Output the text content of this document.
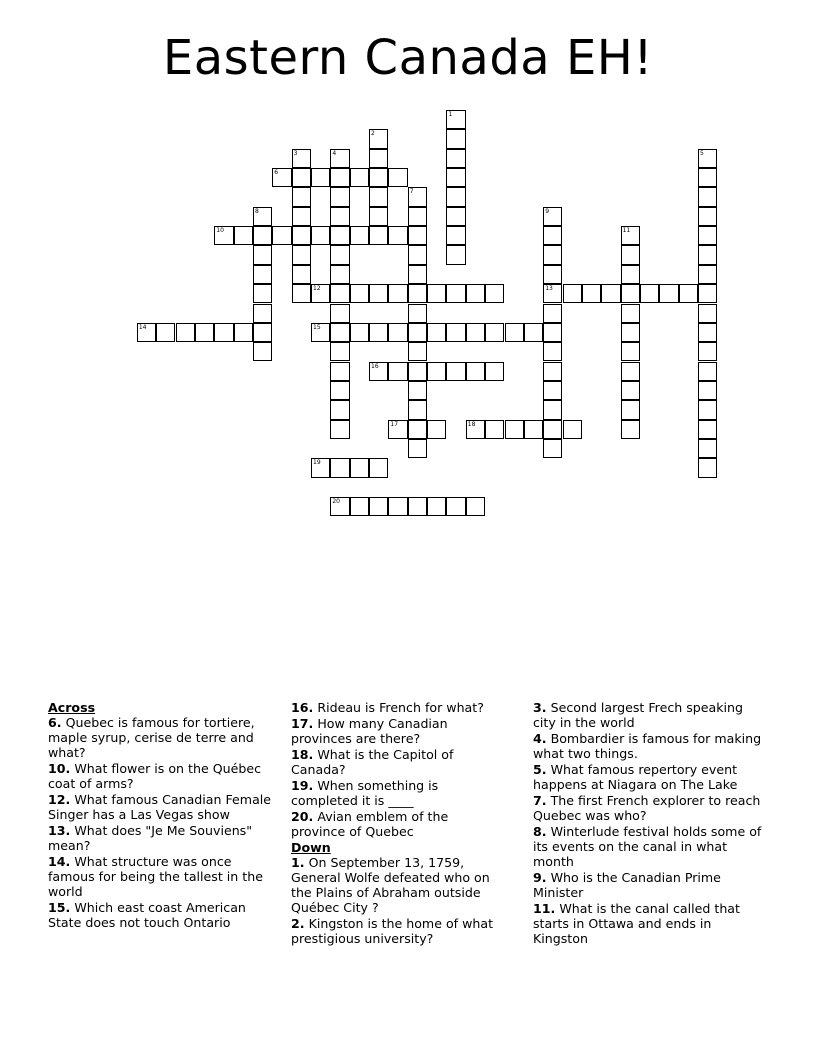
Eastern Canada EH!
1
2
3	4	5
6
7
8	9
10	11
12	13
14	15
16
17	18
19
20
Across
6. Quebec is famous for tortiere, maple syrup, cerise de terre and what?
10. What flower is on the Québec coat of arms?
12. What famous Canadian Female Singer has a Las Vegas show
13. What does "Je Me Souviens" mean?
14. What structure was once famous for being the tallest in the world
15. Which east coast American State does not touch Ontario
16. Rideau is French for what?
17. How many Canadian provinces are there?
18. What is the Capitol of Canada?
19. When something is completed it is ____
20. Avian emblem of the province of Quebec
Down
1. On September 13, 1759, General Wolfe defeated who on the Plains of Abraham outside Québec City ?
2. Kingston is the home of what prestigious university?
3. Second largest Frech speaking city in the world
4. Bombardier is famous for making what two things.
5. What famous repertory event happens at Niagara on The Lake
7. The first French explorer to reach Quebec was who?
8. Winterlude festival holds some of its events on the canal in what month
9. Who is the Canadian Prime Minister
11. What is the canal called that starts in Ottawa and ends in Kingston
